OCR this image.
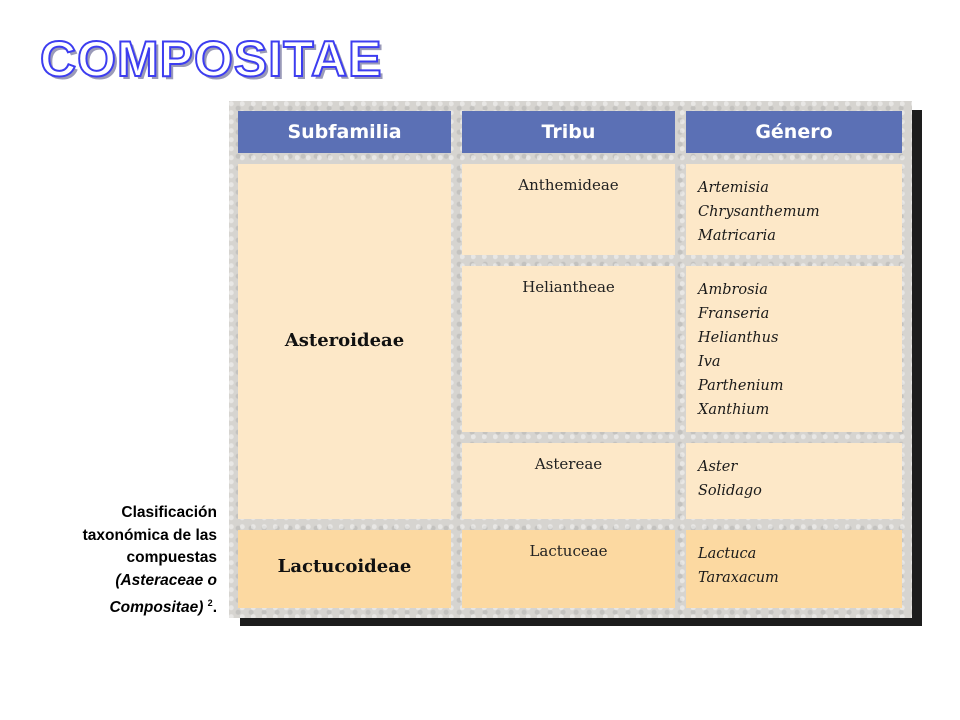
COMPOSITAE
Clasificación
taxonómica de las
compuestas
(Asteraceae o
Compositae) $^2$.
Subfamilia	Tribu	Género
Asteroideae
Anthemideae	Artemisia
Chrysanthemum
Matricaria
Heliantheae	Ambrosia
Franseria
Helianthus
Iva
Parthenium
Xanthium
Astereae	Aster
Solidago
Lactucoideae
Lactuceae	Lactuca
Taraxacum
